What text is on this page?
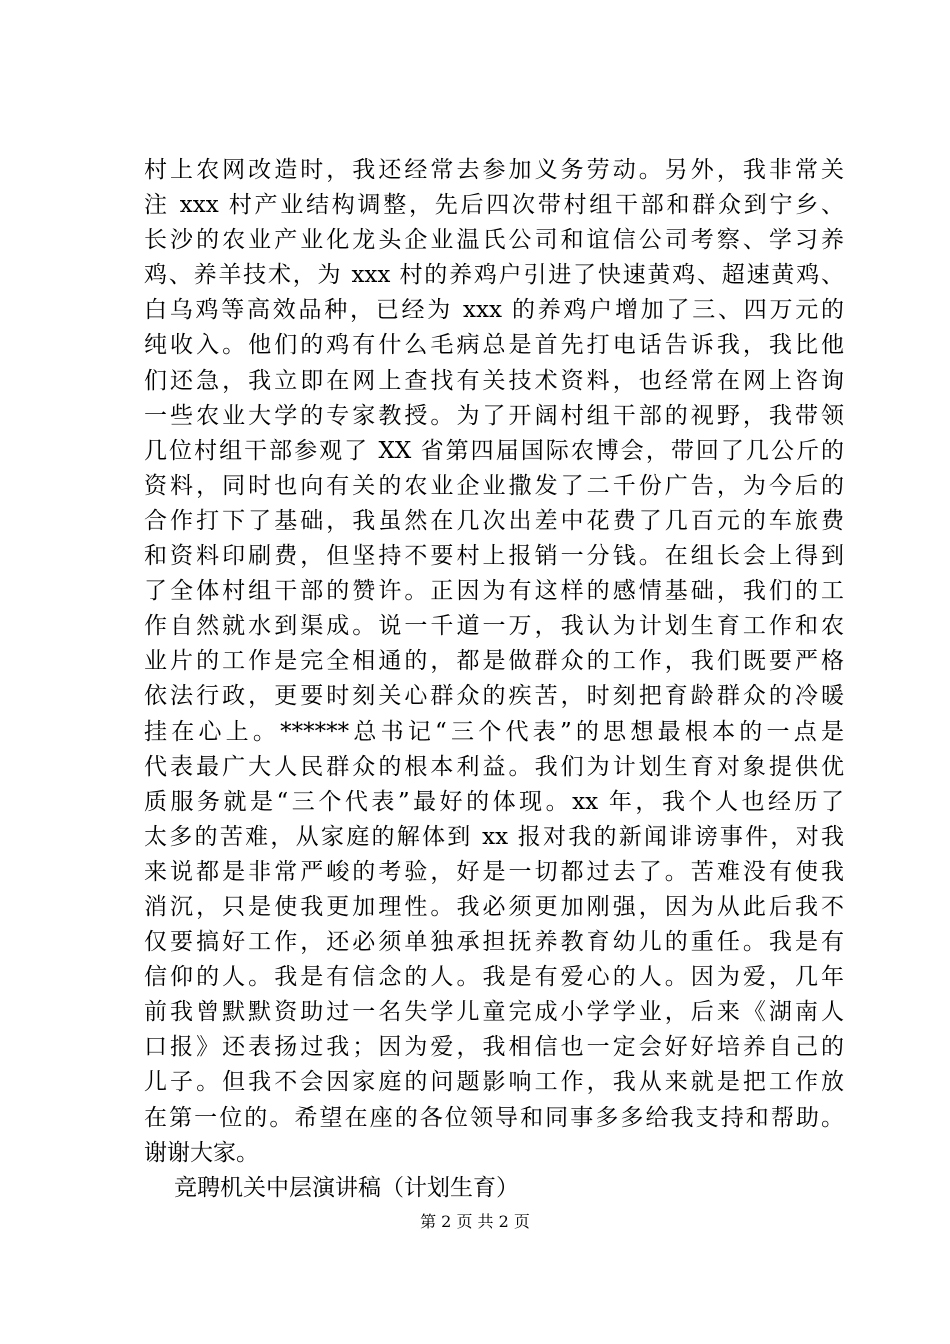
村上农网改造时，我还经常去参加义务劳动。另外，我非常关
注 xxx 村产业结构调整，先后四次带村组干部和群众到宁乡、
长沙的农业产业化龙头企业温氏公司和谊信公司考察、学习养
鸡、养羊技术，为 xxx 村的养鸡户引进了快速黄鸡、超速黄鸡、
白乌鸡等高效品种，已经为 xxx 的养鸡户增加了三、四万元的
纯收入。他们的鸡有什么毛病总是首先打电话告诉我，我比他
们还急，我立即在网上查找有关技术资料，也经常在网上咨询
一些农业大学的专家教授。为了开阔村组干部的视野，我带领
几位村组干部参观了 XX 省第四届国际农博会，带回了几公斤的
资料，同时也向有关的农业企业撒发了二千份广告，为今后的
合作打下了基础，我虽然在几次出差中花费了几百元的车旅费
和资料印刷费，但坚持不要村上报销一分钱。在组长会上得到
了全体村组干部的赞许。正因为有这样的感情基础，我们的工
作自然就水到渠成。说一千道一万，我认为计划生育工作和农
业片的工作是完全相通的，都是做群众的工作，我们既要严格
依法行政，更要时刻关心群众的疾苦，时刻把育龄群众的冷暖
挂在心上。******总书记“三个代表”的思想最根本的一点是
代表最广大人民群众的根本利益。我们为计划生育对象提供优
质服务就是“三个代表”最好的体现。xx 年，我个人也经历了
太多的苦难，从家庭的解体到 xx 报对我的新闻诽谤事件，对我
来说都是非常严峻的考验，好是一切都过去了。苦难没有使我
消沉，只是使我更加理性。我必须更加刚强，因为从此后我不
仅要搞好工作，还必须单独承担抚养教育幼儿的重任。我是有
信仰的人。我是有信念的人。我是有爱心的人。因为爱，几年
前我曾默默资助过一名失学儿童完成小学学业，后来《湖南人
口报》还表扬过我；因为爱，我相信也一定会好好培养自己的
儿子。但我不会因家庭的问题影响工作，我从来就是把工作放
在第一位的。希望在座的各位领导和同事多多给我支持和帮助。
谢谢大家。
竞聘机关中层演讲稿（计划生育）
第 2 页 共 2 页
